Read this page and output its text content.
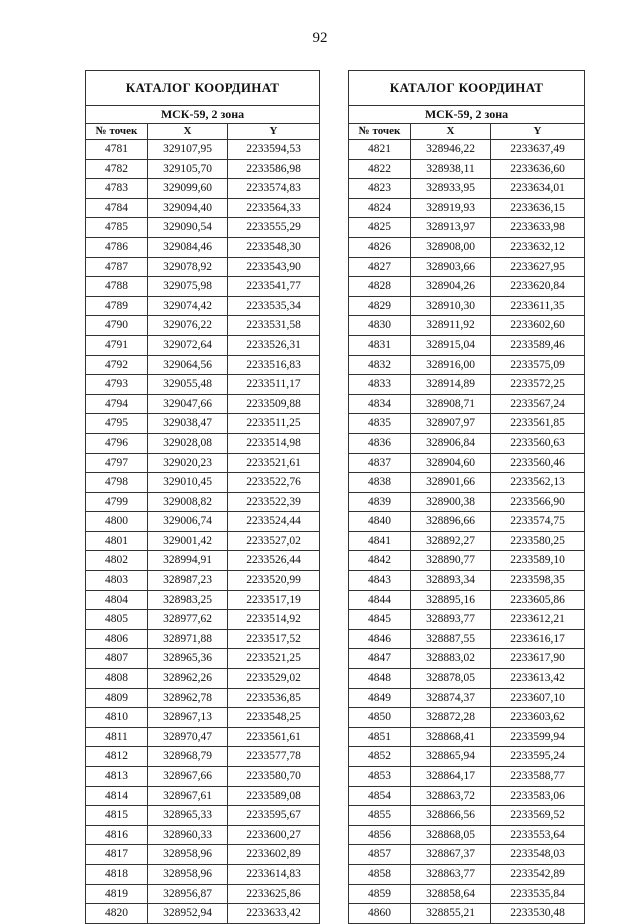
92
КАТАЛОГ КООРДИНАТ		
МСК-59, 2 зона		
№ точек	X	Y
4781	329107,95	2233594,53
4782	329105,70	2233586,98
4783	329099,60	2233574,83
4784	329094,40	2233564,33
4785	329090,54	2233555,29
4786	329084,46	2233548,30
4787	329078,92	2233543,90
4788	329075,98	2233541,77
4789	329074,42	2233535,34
4790	329076,22	2233531,58
4791	329072,64	2233526,31
4792	329064,56	2233516,83
4793	329055,48	2233511,17
4794	329047,66	2233509,88
4795	329038,47	2233511,25
4796	329028,08	2233514,98
4797	329020,23	2233521,61
4798	329010,45	2233522,76
4799	329008,82	2233522,39
4800	329006,74	2233524,44
4801	329001,42	2233527,02
4802	328994,91	2233526,44
4803	328987,23	2233520,99
4804	328983,25	2233517,19
4805	328977,62	2233514,92
4806	328971,88	2233517,52
4807	328965,36	2233521,25
4808	328962,26	2233529,02
4809	328962,78	2233536,85
4810	328967,13	2233548,25
4811	328970,47	2233561,61
4812	328968,79	2233577,78
4813	328967,66	2233580,70
4814	328967,61	2233589,08
4815	328965,33	2233595,67
4816	328960,33	2233600,27
4817	328958,96	2233602,89
4818	328958,96	2233614,83
4819	328956,87	2233625,86
4820	328952,94	2233633,42
КАТАЛОГ КООРДИНАТ		
МСК-59, 2 зона		
№ точек	X	Y
4821	328946,22	2233637,49
4822	328938,11	2233636,60
4823	328933,95	2233634,01
4824	328919,93	2233636,15
4825	328913,97	2233633,98
4826	328908,00	2233632,12
4827	328903,66	2233627,95
4828	328904,26	2233620,84
4829	328910,30	2233611,35
4830	328911,92	2233602,60
4831	328915,04	2233589,46
4832	328916,00	2233575,09
4833	328914,89	2233572,25
4834	328908,71	2233567,24
4835	328907,97	2233561,85
4836	328906,84	2233560,63
4837	328904,60	2233560,46
4838	328901,66	2233562,13
4839	328900,38	2233566,90
4840	328896,66	2233574,75
4841	328892,27	2233580,25
4842	328890,77	2233589,10
4843	328893,34	2233598,35
4844	328895,16	2233605,86
4845	328893,77	2233612,21
4846	328887,55	2233616,17
4847	328883,02	2233617,90
4848	328878,05	2233613,42
4849	328874,37	2233607,10
4850	328872,28	2233603,62
4851	328868,41	2233599,94
4852	328865,94	2233595,24
4853	328864,17	2233588,77
4854	328863,72	2233583,06
4855	328866,56	2233569,52
4856	328868,05	2233553,64
4857	328867,37	2233548,03
4858	328863,77	2233542,89
4859	328858,64	2233535,84
4860	328855,21	2233530,48
